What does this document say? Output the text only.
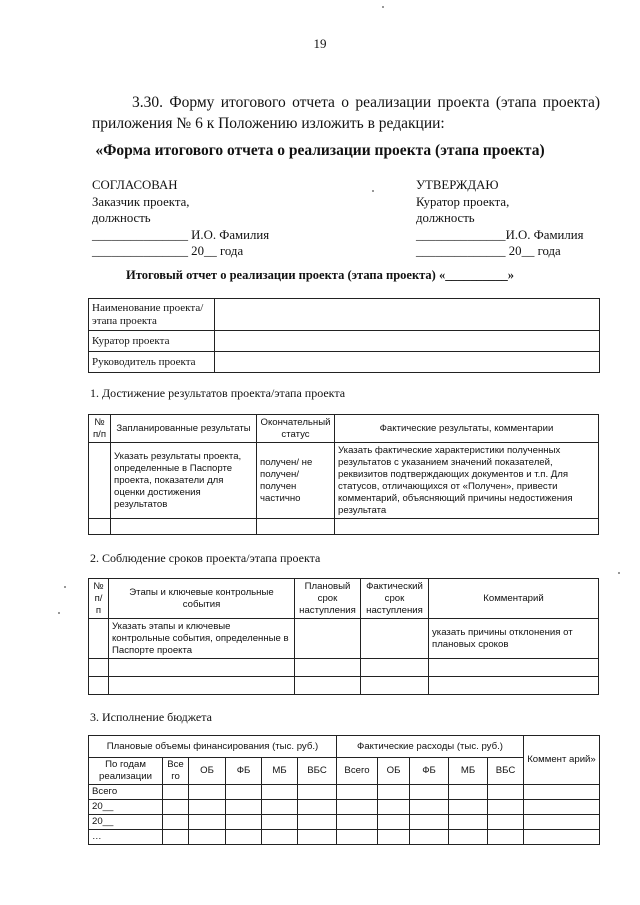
19
3.30. Форму итогового отчета о реализации проекта (этапа проекта)
приложения № 6 к Положению изложить в редакции:
«Форма итогового отчета о реализации проекта (этапа проекта)
СОГЛАСОВАН
Заказчик проекта,
должность
_______________ И.О. Фамилия
_______________ 20__ года
УТВЕРЖДАЮ
Куратор проекта,
должность
______________И.О. Фамилия
______________ 20__ года
Итоговый отчет о реализации проекта (этапа проекта) «__________»
Наименование проекта/этапа проекта	
Куратор проекта	
Руководитель проекта	
1. Достижение результатов проекта/этапа проекта
№ п/п	Запланированные результаты	Окончательный статус	Фактические результаты, комментарии
	Указать результаты проекта, определенные в Паспорте проекта, показатели для оценки достижения результатов	получен/ не получен/ получен частично	Указать фактические характеристики полученных результатов с указанием значений показателей, реквизитов подтверждающих документов и т.п. Для статусов, отличающихся от «Получен», привести комментарий, объясняющий причины недостижения результата

2. Соблюдение сроков проекта/этапа проекта
№ п/п	Этапы и ключевые контрольные события	Плановый срок наступления	Фактический срок наступления	Комментарий
	Указать этапы и ключевые контрольные события, определенные в Паспорте проекта			указать причины отклонения от плановых сроков

3. Исполнение бюджета
Плановые объемы финансирования (тыс. руб.)						Фактические расходы (тыс. руб.)					Коммент арий»
По годам реализации	Все го	ОБ	ФБ	МБ	ВБС	Всего	ОБ	ФБ	МБ	ВБС	
Всего											
20__											
20__											
…											
